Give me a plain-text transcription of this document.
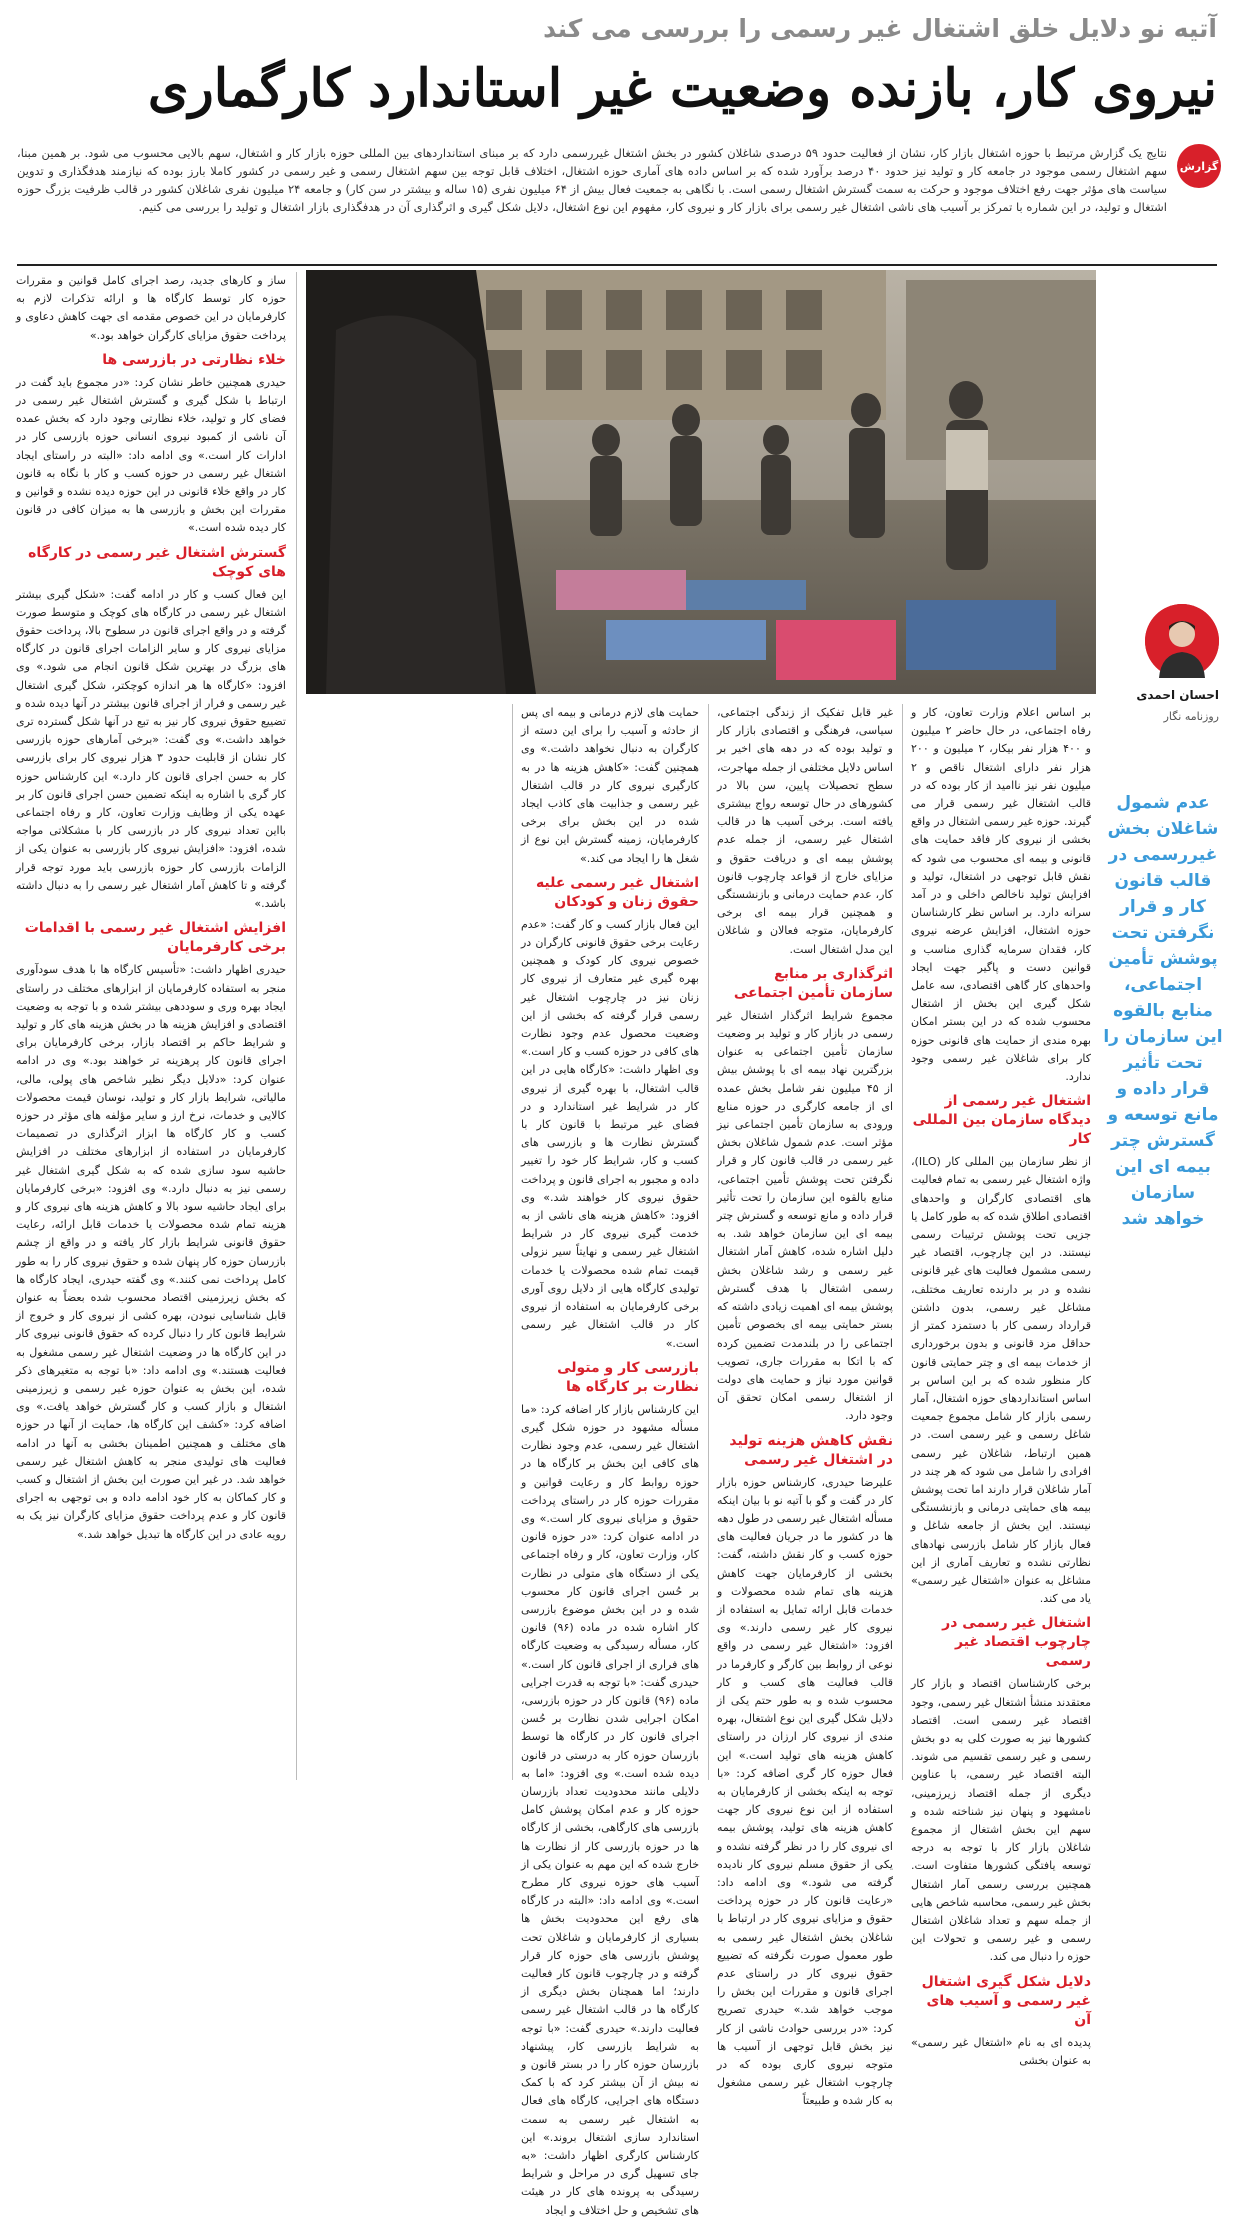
آتیه نو دلایل خلق اشتغال غیر رسمی را بررسی می کند
نیروی کار، بازنده وضعیت غیر استاندارد کارگماری
گزارش
نتایج یک گزارش مرتبط با حوزه اشتغال بازار کار، نشان از فعالیت حدود ۵۹ درصدی شاغلان کشور در بخش اشتغال غیررسمی دارد که بر مبنای استانداردهای بین المللی حوزه بازار کار و اشتغال، سهم بالایی محسوب می شود. بر همین مبنا، سهم اشتغال رسمی موجود در جامعه کار و تولید نیز حدود ۴۰ درصد برآورد شده که بر اساس داده های آماری حوزه اشتغال، اختلاف قابل توجه بین سهم اشتغال رسمی و غیر رسمی در کشور کاملا بارز بوده که نیازمند هدفگذاری و تدوین سیاست های مؤثر جهت رفع اختلاف موجود و حرکت به سمت گسترش اشتغال رسمی است. با نگاهی به جمعیت فعال بیش از ۶۴ میلیون نفری (۱۵ ساله و بیشتر در سن کار) و جامعه ۲۴ میلیون نفری شاغلان کشور در قالب ظرفیت بزرگ حوزه اشتغال و تولید، در این شماره با تمرکز بر آسیب های ناشی اشتغال غیر رسمی برای بازار کار و نیروی کار، مفهوم این نوع اشتغال، دلایل شکل گیری و اثرگذاری آن در هدفگذاری بازار اشتغال و تولید را بررسی می کنیم.
احسان احمدی
روزنامه نگار
عدم شمول شاغلان بخش غیررسمی در قالب قانون کار و قرار نگرفتن تحت پوشش تأمین اجتماعی، منابع بالقوه این سازمان را تحت تأثیر قرار داده و مانع توسعه و گسترش چتر بیمه ای این سازمان خواهد شد

بر اساس اعلام وزارت تعاون، کار و رفاه اجتماعی، در حال حاضر ۲ میلیون و ۴۰۰ هزار نفر بیکار، ۲ میلیون و ۲۰۰ هزار نفر دارای اشتغال ناقص و ۲ میلیون نفر نیز ناامید از کار بوده که در قالب اشتغال غیر رسمی قرار می گیرند. حوزه غیر رسمی اشتغال در واقع بخشی از نیروی کار فاقد حمایت های قانونی و بیمه ای محسوب می شود که نقش قابل توجهی در اشتغال، تولید و افزایش تولید ناخالص داخلی و در آمد سرانه دارد. بر اساس نظر کارشناسان حوزه اشتغال، افزایش عرضه نیروی کار، فقدان سرمایه گذاری مناسب و قوانین دست و پاگیر جهت ایجاد واحدهای کار گاهی اقتصادی، سه عامل شکل گیری این بخش از اشتغال محسوب شده که در این بستر امکان بهره مندی از حمایت های قانونی حوزه کار برای شاغلان غیر رسمی وجود ندارد.

اشتغال غیر رسمی از دیدگاه سازمان بین المللی کار

از نظر سازمان بین المللی کار (ILO)، واژه اشتغال غیر رسمی به تمام فعالیت های اقتصادی کارگران و واحدهای اقتصادی اطلاق شده که به طور کامل یا جزیی تحت پوشش ترتیبات رسمی نیستند. در این چارچوب، اقتصاد غیر رسمی مشمول فعالیت های غیر قانونی نشده و در بر دارنده تعاریف مختلف، مشاغل غیر رسمی، بدون داشتن قرارداد رسمی کار با دستمزد کمتر از حداقل مزد قانونی و بدون برخورداری از خدمات بیمه ای و چتر حمایتی قانون کار منظور شده که بر این اساس بر اساس استانداردهای حوزه اشتغال، آمار رسمی بازار کار شامل مجموع جمعیت شاغل رسمی و غیر رسمی است. در همین ارتباط، شاغلان غیر رسمی افرادی را شامل می شود که هر چند در آمار شاغلان قرار دارند اما تحت پوشش بیمه های حمایتی درمانی و بازنشستگی نیستند. این بخش از جامعه شاغل و فعال بازار کار شامل بازرسی نهادهای نظارتی نشده و تعاریف آماری از این مشاغل به عنوان «اشتغال غیر رسمی» یاد می کند.

اشتغال غیر رسمی در چارچوب اقتصاد غیر رسمی

برخی کارشناسان اقتصاد و بازار کار معتقدند منشأ اشتغال غیر رسمی، وجود اقتصاد غیر رسمی است. اقتصاد کشورها نیز به صورت کلی به دو بخش رسمی و غیر رسمی تقسیم می شوند. البته اقتصاد غیر رسمی، با عناوین دیگری از جمله اقتصاد زیرزمینی، نامشهود و پنهان نیز شناخته شده و سهم این بخش اشتغال از مجموع شاغلان بازار کار با توجه به درجه توسعه یافتگی کشورها متفاوت است. همچنین بررسی رسمی آمار اشتغال بخش غیر رسمی، محاسبه شاخص هایی از جمله سهم و تعداد شاغلان اشتغال رسمی و غیر رسمی و تحولات این حوزه را دنبال می کند.

دلایل شکل گیری اشتغال غیر رسمی و آسیب های آن

پدیده ای به نام «اشتغال غیر رسمی» به عنوان بخشی

غیر قابل تفکیک از زندگی اجتماعی، سیاسی، فرهنگی و اقتصادی بازار کار و تولید بوده که در دهه های اخیر بر اساس دلایل مختلفی از جمله مهاجرت، سطح تحصیلات پایین، سن بالا در کشورهای در حال توسعه رواج بیشتری یافته است. برخی آسیب ها در قالب اشتغال غیر رسمی، از جمله عدم پوشش بیمه ای و دریافت حقوق و مزایای خارج از قواعد چارچوب قانون کار، عدم حمایت درمانی و بازنشستگی و همچنین قرار بیمه ای برخی کارفرمایان، متوجه فعالان و شاغلان این مدل اشتغال است.

اثرگذاری بر منابع سازمان تأمین اجتماعی

مجموع شرایط اثرگذار اشتغال غیر رسمی در بازار کار و تولید بر وضعیت سازمان تأمین اجتماعی به عنوان بزرگترین نهاد بیمه ای با پوشش بیش از ۴۵ میلیون نفر شامل بخش عمده ای از جامعه کارگری در حوزه منابع ورودی به سازمان تأمین اجتماعی نیز مؤثر است. عدم شمول شاغلان بخش غیر رسمی در قالب قانون کار و قرار نگرفتن تحت پوشش تأمین اجتماعی، منابع بالقوه این سازمان را تحت تأثیر قرار داده و مانع توسعه و گسترش چتر بیمه ای این سازمان خواهد شد. به دلیل اشاره شده، کاهش آمار اشتغال غیر رسمی و رشد شاغلان بخش رسمی اشتغال با هدف گسترش پوشش بیمه ای اهمیت زیادی داشته که بستر حمایتی بیمه ای بخصوص تأمین اجتماعی را در بلندمدت تضمین کرده که با اتکا به مقررات جاری، تصویب قوانین مورد نیاز و حمایت های دولت از اشتغال رسمی امکان تحقق آن وجود دارد.

نقش کاهش هزینه تولید در اشتغال غیر رسمی

علیرضا حیدری، کارشناس حوزه بازار کار در گفت و گو با آتیه نو با بیان اینکه مسأله اشتغال غیر رسمی در طول دهه ها در کشور ما در جریان فعالیت های حوزه کسب و کار نقش داشته، گفت: بخشی از کارفرمایان جهت کاهش هزینه های تمام شده محصولات و خدمات قابل ارائه تمایل به استفاده از نیروی کار غیر رسمی دارند.» وی افزود: «اشتغال غیر رسمی در واقع نوعی از روابط بین کارگر و کارفرما در قالب فعالیت های کسب و کار محسوب شده و به طور حتم یکی از دلایل شکل گیری این نوع اشتغال، بهره مندی از نیروی کار ارزان در راستای کاهش هزینه های تولید است.» این فعال حوزه کار گری اضافه کرد: «با توجه به اینکه بخشی از کارفرمایان به استفاده از این نوع نیروی کار جهت کاهش هزینه های تولید، پوشش بیمه ای نیروی کار را در نظر گرفته نشده و یکی از حقوق مسلم نیروی کار نادیده گرفته می شود.» وی ادامه داد: «رعایت قانون کار در حوزه پرداخت حقوق و مزایای نیروی کار در ارتباط با شاغلان بخش اشتغال غیر رسمی به طور معمول صورت نگرفته که تضییع حقوق نیروی کار در راستای عدم اجرای قانون و مقررات این بخش را موجب خواهد شد.» حیدری تصریح کرد: «در بررسی حوادث ناشی از کار نیز بخش قابل توجهی از آسیب ها متوجه نیروی کاری بوده که در چارچوب اشتغال غیر رسمی مشغول به کار شده و طبیعتاً

حمایت های لازم درمانی و بیمه ای پس از حادثه و آسیب را برای این دسته از کارگران به دنبال نخواهد داشت.» وی همچنین گفت: «کاهش هزینه ها در به کارگیری نیروی کار در قالب اشتغال غیر رسمی و جذابیت های کاذب ایجاد شده در این بخش برای برخی کارفرمایان، زمینه گسترش این نوع از شغل ها را ایجاد می کند.»

اشتغال غیر رسمی علیه حقوق زنان و کودکان

این فعال بازار کسب و کار گفت: «عدم رعایت برخی حقوق قانونی کارگران در خصوص نیروی کار کودک و همچنین بهره گیری غیر متعارف از نیروی کار زنان نیز در چارچوب اشتغال غیر رسمی قرار گرفته که بخشی از این وضعیت محصول عدم وجود نظارت های کافی در حوزه کسب و کار است.» وی اظهار داشت: «کارگاه هایی در این قالب اشتغال، با بهره گیری از نیروی کار در شرایط غیر استاندارد و در فضای غیر مرتبط با قانون کار با گسترش نظارت ها و بازرسی های کسب و کار، شرایط کار خود را تغییر داده و مجبور به اجرای قانون و پرداخت حقوق نیروی کار خواهند شد.» وی افزود: «کاهش هزینه های ناشی از به خدمت گیری نیروی کار در شرایط اشتغال غیر رسمی و نهایتاً سیر نزولی قیمت تمام شده محصولات یا خدمات تولیدی کارگاه هایی از دلایل روی آوری برخی کارفرمایان به استفاده از نیروی کار در قالب اشتغال غیر رسمی است.»

بازرسی کار و متولی نظارت بر کارگاه ها

این کارشناس بازار کار اضافه کرد: «ما مسأله مشهود در حوزه شکل گیری اشتغال غیر رسمی، عدم وجود نظارت های کافی این بخش بر کارگاه ها در حوزه روابط کار و رعایت قوانین و مقررات حوزه کار در راستای پرداخت حقوق و مزایای نیروی کار است.» وی در ادامه عنوان کرد: «در حوزه قانون کار، وزارت تعاون، کار و رفاه اجتماعی یکی از دستگاه های متولی در نظارت بر حُسن اجرای قانون کار محسوب شده و در این بخش موضوع بازرسی کار اشاره شده در ماده (۹۶) قانون کار، مسأله رسیدگی به وضعیت کارگاه های فراری از اجرای قانون کار است.» حیدری گفت: «با توجه به قدرت اجرایی ماده (۹۶) قانون کار در حوزه بازرسی، امکان اجرایی شدن نظارت بر حُسن اجرای قانون کار در کارگاه ها توسط بازرسان حوزه کار به درستی در قانون دیده شده است.» وی افزود: «اما به دلایلی مانند محدودیت تعداد بازرسان حوزه کار و عدم امکان پوشش کامل بازرسی های کارگاهی، بخشی از کارگاه ها در حوزه بازرسی کار از نظارت ها خارج شده که این مهم به عنوان یکی از آسیب های حوزه نیروی کار مطرح است.» وی ادامه داد: «البته در کارگاه های رفع این محدودیت بخش ها بسیاری از کارفرمایان و شاغلان تحت پوشش بازرسی های حوزه کار قرار گرفته و در چارچوب قانون کار فعالیت دارند؛ اما همچنان بخش دیگری از کارگاه ها در قالب اشتغال غیر رسمی فعالیت دارند.» حیدری گفت: «با توجه به شرایط بازرسی کار، پیشنهاد بازرسان حوزه کار را در بستر قانون و نه بیش از آن بیشتر کرد که با کمک دستگاه های اجرایی، کارگاه های فعال به اشتغال غیر رسمی به سمت استاندارد سازی اشتغال بروند.» این کارشناس کارگری اظهار داشت: «به جای تسهیل گری در مراحل و شرایط رسیدگی به پرونده های کار در هیئت های تشخیص و حل اختلاف و ایجاد

ساز و کارهای جدید، رصد اجرای کامل قوانین و مقررات حوزه کار توسط کارگاه ها و ارائه تذکرات لازم به کارفرمایان در این خصوص مقدمه ای جهت کاهش دعاوی و پرداخت حقوق مزایای کارگران خواهد بود.»

خلاء نظارتی در بازرسی ها

حیدری همچنین خاطر نشان کرد: «در مجموع باید گفت در ارتباط با شکل گیری و گسترش اشتغال غیر رسمی در فضای کار و تولید، خلاء نظارتی وجود دارد که بخش عمده آن ناشی از کمبود نیروی انسانی حوزه بازرسی کار در ادارات کار است.» وی ادامه داد: «البته در راستای ایجاد اشتغال غیر رسمی در حوزه کسب و کار با نگاه به قانون کار در واقع خلاء قانونی در این حوزه دیده نشده و قوانین و مقررات این بخش و بازرسی ها به میزان کافی در قانون کار دیده شده است.»

گسترش اشتغال غیر رسمی در کارگاه های کوچک

این فعال کسب و کار در ادامه گفت: «شکل گیری بیشتر اشتغال غیر رسمی در کارگاه های کوچک و متوسط صورت گرفته و در واقع اجرای قانون در سطوح بالا، پرداخت حقوق مزایای نیروی کار و سایر الزامات اجرای قانون در کارگاه های بزرگ در بهترین شکل قانون انجام می شود.» وی افزود: «کارگاه ها هر اندازه کوچکتر، شکل گیری اشتغال غیر رسمی و فرار از اجرای قانون بیشتر در آنها دیده شده و تضییع حقوق نیروی کار نیز به تبع در آنها شکل گسترده تری خواهد داشت.» وی گفت: «برخی آمارهای حوزه بازرسی کار نشان از قابلیت حدود ۳ هزار نیروی کار برای بازرسی کار به حسن اجرای قانون کار دارد.» این کارشناس حوزه کار گری با اشاره به اینکه تضمین حسن اجرای قانون کار بر عهده یکی از وظایف وزارت تعاون، کار و رفاه اجتماعی بااین تعداد نیروی کار در بازرسی کار با مشکلاتی مواجه شده، افزود: «افزایش نیروی کار بازرسی به عنوان یکی از الزامات بازرسی کار حوزه بازرسی باید مورد توجه قرار گرفته و تا کاهش آمار اشتغال غیر رسمی را به دنبال داشته باشد.»

افزایش اشتغال غیر رسمی با اقدامات برخی کارفرمایان

حیدری اظهار داشت: «تأسیس کارگاه ها با هدف سودآوری منجر به استفاده کارفرمایان از ابزارهای مختلف در راستای ایجاد بهره وری و سوددهی بیشتر شده و با توجه به وضعیت اقتصادی و افزایش هزینه ها در بخش هزینه های کار و تولید و شرایط حاکم بر اقتصاد بازار، برخی کارفرمایان برای اجرای قانون کار پرهزینه تر خواهند بود.» وی در ادامه عنوان کرد: «دلایل دیگر نظیر شاخص های پولی، مالی، مالیاتی، شرایط بازار کار و تولید، نوسان قیمت محصولات کالایی و خدمات، نرخ ارز و سایر مؤلفه های مؤثر در حوزه کسب و کار کارگاه ها ابزار اثرگذاری در تصمیمات کارفرمایان در استفاده از ابزارهای مختلف در افزایش حاشیه سود سازی شده که به شکل گیری اشتغال غیر رسمی نیز به دنبال دارد.» وی افزود: «برخی کارفرمایان برای ایجاد حاشیه سود بالا و کاهش هزینه های نیروی کار و هزینه تمام شده محصولات یا خدمات قابل ارائه، رعایت حقوق قانونی شرایط بازار کار یافته و در واقع از چشم بازرسان حوزه کار پنهان شده و حقوق نیروی کار را به طور کامل پرداخت نمی کنند.» وی گفته حیدری، ایجاد کارگاه ها که بخش زیرزمینی اقتصاد محسوب شده بعضاً به عنوان قابل شناسایی نبودن، بهره کشی از نیروی کار و خروج از شرایط قانون کار را دنبال کرده که حقوق قانونی نیروی کار در این کارگاه ها در وضعیت اشتغال غیر رسمی مشغول به فعالیت هستند.» وی ادامه داد: «با توجه به متغیرهای ذکر شده، این بخش به عنوان حوزه غیر رسمی و زیرزمینی اشتغال و بازار کسب و کار گسترش خواهد یافت.» وی اضافه کرد: «کشف این کارگاه ها، حمایت از آنها در حوزه های مختلف و همچنین اطمینان بخشی به آنها در ادامه فعالیت های تولیدی منجر به کاهش اشتغال غیر رسمی خواهد شد. در غیر این صورت این بخش از اشتغال و کسب و کار کماکان به کار خود ادامه داده و بی توجهی به اجرای قانون کار و عدم پرداخت حقوق مزایای کارگران نیز یک به رویه عادی در این کارگاه ها تبدیل خواهد شد.»
